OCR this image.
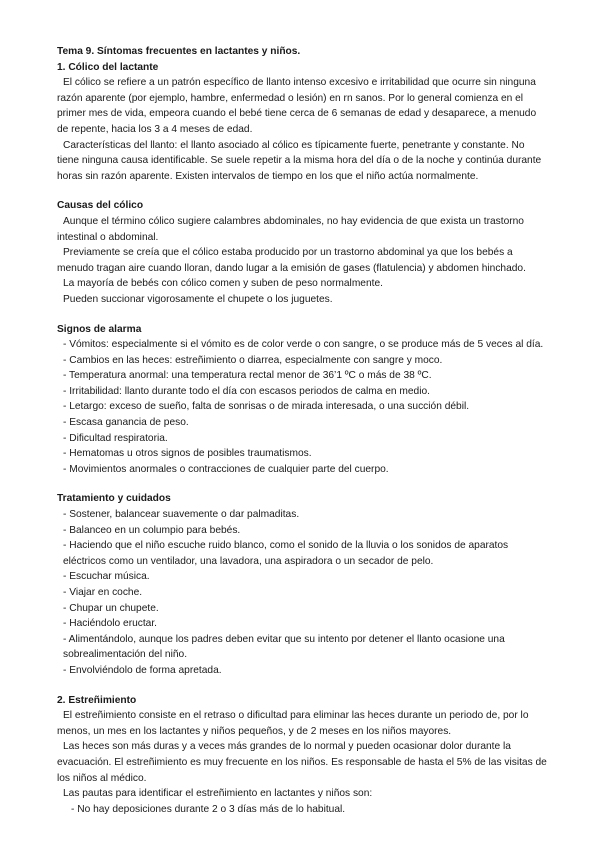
Tema 9. Síntomas frecuentes en lactantes y niños.

1. Cólico del lactante

El cólico se refiere a un patrón específico de llanto intenso excesivo e irritabilidad que ocurre sin ninguna razón aparente (por ejemplo, hambre, enfermedad o lesión) en rn sanos. Por lo general comienza en el primer mes de vida, empeora cuando el bebé tiene cerca de 6 semanas de edad y desaparece, a menudo de repente, hacia los 3 a 4 meses de edad.

Características del llanto: el llanto asociado al cólico es típicamente fuerte, penetrante y constante. No tiene ninguna causa identificable. Se suele repetir a la misma hora del día o de la noche y continúa durante horas sin razón aparente. Existen intervalos de tiempo en los que el niño actúa normalmente.

Causas del cólico

Aunque el término cólico sugiere calambres abdominales, no hay evidencia de que exista un trastorno intestinal o abdominal.

Previamente se creía que el cólico estaba producido por un trastorno abdominal ya que los bebés a menudo tragan aire cuando lloran, dando lugar a la emisión de gases (flatulencia) y abdomen hinchado.

La mayoría de bebés con cólico comen y suben de peso normalmente.

Pueden succionar vigorosamente el chupete o los juguetes.

Signos de alarma

- Vómitos: especialmente si el vómito es de color verde o con sangre, o se produce más de 5 veces al día.
- Cambios en las heces: estreñimiento o diarrea, especialmente con sangre y moco.
- Temperatura anormal: una temperatura rectal menor de 36’1 ºC o más de 38 ºC.
- Irritabilidad: llanto durante todo el día con escasos periodos de calma en medio.
- Letargo: exceso de sueño, falta de sonrisas o de mirada interesada, o una succión débil.
- Escasa ganancia de peso.
- Dificultad respiratoria.
- Hematomas u otros signos de posibles traumatismos.
- Movimientos anormales o contracciones de cualquier parte del cuerpo.

Tratamiento y cuidados

- Sostener, balancear suavemente o dar palmaditas.
- Balanceo en un columpio para bebés.
- Haciendo que el niño escuche ruido blanco, como el sonido de la lluvia o los sonidos de aparatos eléctricos como un ventilador, una lavadora, una aspiradora o un secador de pelo.
- Escuchar música.
- Viajar en coche.
- Chupar un chupete.
- Haciéndolo eructar.
- Alimentándolo, aunque los padres deben evitar que su intento por detener el llanto ocasione una sobrealimentación del niño.
- Envolviéndolo de forma apretada.

2. Estreñimiento

El estreñimiento consiste en el retraso o dificultad para eliminar las heces durante un periodo de, por lo menos, un mes en los lactantes y niños pequeños, y de 2 meses en los niños mayores.

Las heces son más duras y a veces más grandes de lo normal y pueden ocasionar dolor durante la evacuación. El estreñimiento es muy frecuente en los niños. Es responsable de hasta el 5% de las visitas de los niños al médico.

Las pautas para identificar el estreñimiento en lactantes y niños son:

- No hay deposiciones durante 2 o 3 días más de lo habitual.
